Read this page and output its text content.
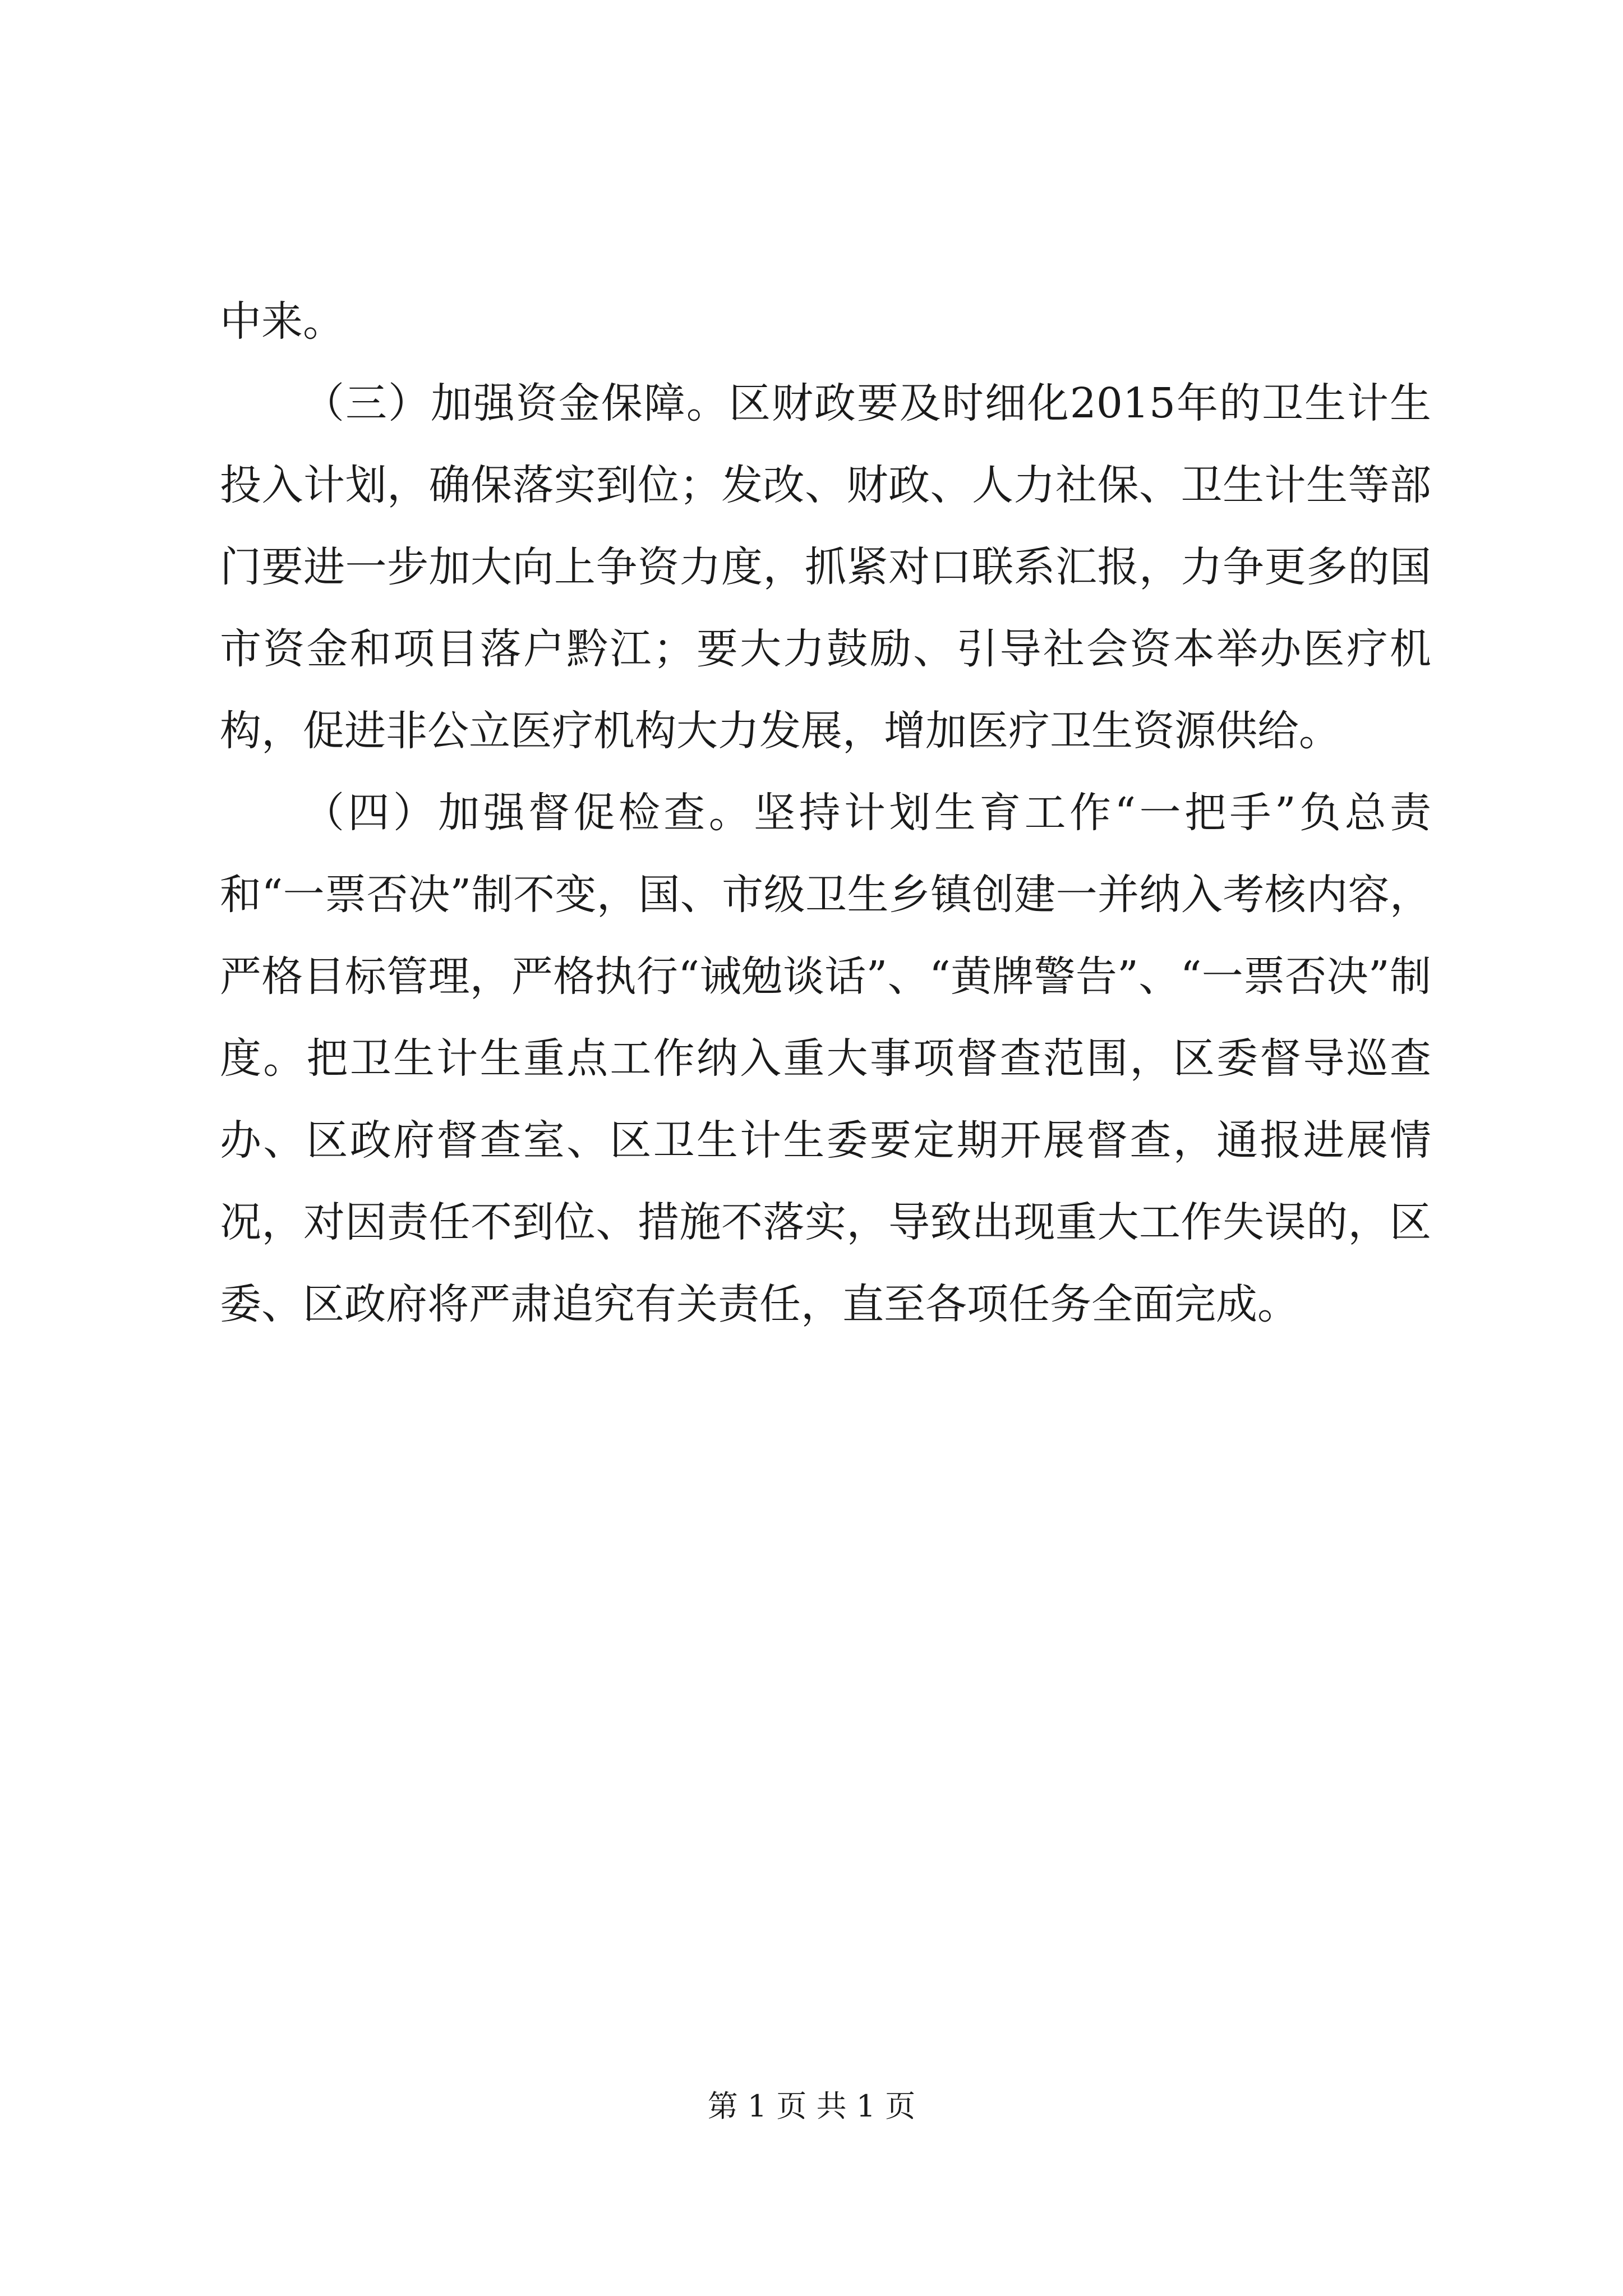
中来。

（三）加强资金保障。区财政要及时细化2015年的卫生计生投入计划，确保落实到位；发改、财政、人力社保、卫生计生等部门要进一步加大向上争资力度，抓紧对口联系汇报，力争更多的国市资金和项目落户黔江；要大力鼓励、引导社会资本举办医疗机构，促进非公立医疗机构大力发展，增加医疗卫生资源供给。

（四）加强督促检查。坚持计划生育工作“一把手”负总责和“一票否决”制不变，国、市级卫生乡镇创建一并纳入考核内容，严格目标管理，严格执行“诫勉谈话”、“黄牌警告”、“一票否决”制度。把卫生计生重点工作纳入重大事项督查范围，区委督导巡查办、区政府督查室、区卫生计生委要定期开展督查，通报进展情况，对因责任不到位、措施不落实，导致出现重大工作失误的，区委、区政府将严肃追究有关责任，直至各项任务全面完成。

第 1 页 共 1 页
